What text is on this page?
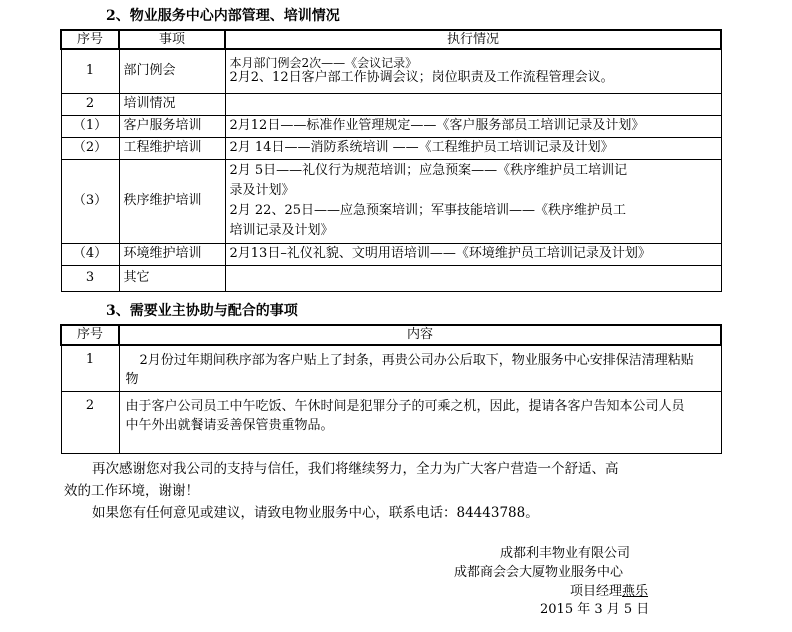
2、物业服务中心内部管理、培训情况
序号	事项	执行情况
1	部门例会	本月部门例会2次——《会议记录》
2月2、12日客户部工作协调会议；岗位职责及工作流程管理会议。

2	培训情况	
（1）	客户服务培训	2月12日——标准作业管理规定——《客户服务部员工培训记录及计划》
（2）	工程维护培训	2月 14日——消防系统培训 ——《工程维护员工培训记录及计划》
（3）	秩序维护培训	2月 5日——礼仪行为规范培训；应急预案——《秩序维护员工培训记
录及计划》
2月 22、25日——应急预案培训；军事技能培训——《秩序维护员工
培训记录及计划》

（4）	环境维护培训	2月13日–礼仪礼貌、文明用语培训——《环境维护员工培训记录及计划》
3	其它	
3、需要业主协助与配合的事项
序号	内容
1	2月份过年期间秩序部为客户贴上了封条，再贵公司办公后取下，物业服务中心安排保洁清理粘贴
物

2	由于客户公司员工中午吃饭、午休时间是犯罪分子的可乘之机，因此，提请各客户告知本公司人员
中午外出就餐请妥善保管贵重物品。
再次感谢您对我公司的支持与信任，我们将继续努力，全力为广大客户营造一个舒适、高
效的工作环境，谢谢！
如果您有任何意见或建议，请致电物业服务中心，联系电话：84443788。
成都利丰物业有限公司
成都商会会大厦物业服务中心
项目经理燕乐
2015 年 3 月 5 日
